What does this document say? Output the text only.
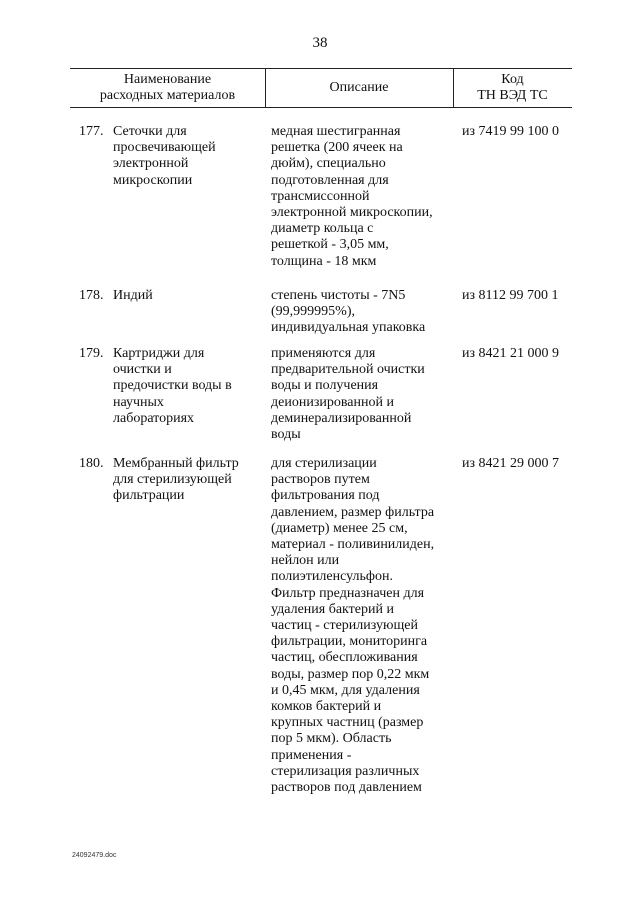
38
Наименование
расходных материалов
Описание
Код
ТН ВЭД ТС
177. Сеточки для
просвечивающей
электронной
микроскопии
медная шестигранная
решетка (200 ячеек на
дюйм), специально
подготовленная для
трансмиссонной
электронной микроскопии,
диаметр кольца с
решеткой - 3,05 мм,
толщина - 18 мкм
из 7419 99 100 0
178. Индий	степень чистоты - 7N5
(99,999995%),
индивидуальная упаковка
из 8112 99 700 1
179. Картриджи для
очистки и
предочистки воды в
научных
лабораториях
применяются для
предварительной очистки
воды и получения
деионизированной и
деминерализированной
воды
из 8421 21 000 9
180. Мембранный фильтр
для стерилизующей
фильтрации
для стерилизации
растворов путем
фильтрования под
давлением, размер фильтра
(диаметр) менее 25 см,
материал - поливинилиден,
нейлон или
полиэтиленсульфон.
Фильтр предназначен для
удаления бактерий и
частиц - стерилизующей
фильтрации, мониторинга
частиц, обеспложивания
воды, размер пор 0,22 мкм
и 0,45 мкм, для удаления
комков бактерий и
крупных частниц (размер
пор 5 мкм). Область
применения -
стерилизация различных
растворов под давлением
из 8421 29 000 7
24092479.doc
